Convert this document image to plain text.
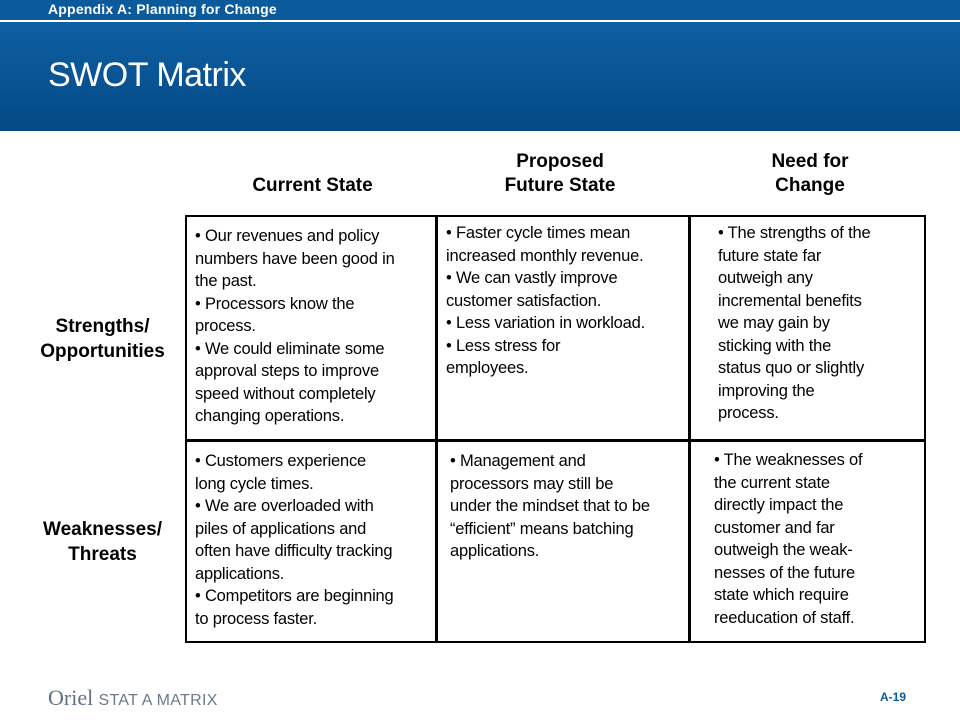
Appendix A: Planning for Change
SWOT Matrix
Current State
Proposed
Future State
Need for
Change
Strengths/
Opportunities
Weaknesses/
Threats
• Our revenues and policy
numbers have been good in
the past.
• Processors know the
process.
• We could eliminate some
approval steps to improve
speed without completely
changing operations.
• Faster cycle times mean
increased monthly revenue.
• We can vastly improve
customer satisfaction.
• Less variation in workload.
• Less stress for
employees.
• The strengths of the
future state far
outweigh any
incremental benefits
we may gain by
sticking with the
status quo or slightly
improving the
process.
• Customers experience
long cycle times.
• We are overloaded with
piles of applications and
often have difficulty tracking
applications.
• Competitors are beginning
to process faster.
• Management and
processors may still be
under the mindset that to be
“efficient” means batching
applications.
• The weaknesses of
the current state
directly impact the
customer and far
outweigh the weak-
nesses of the future
state which require
reeducation of staff.
Oriel STAT A MATRIX	A-19
